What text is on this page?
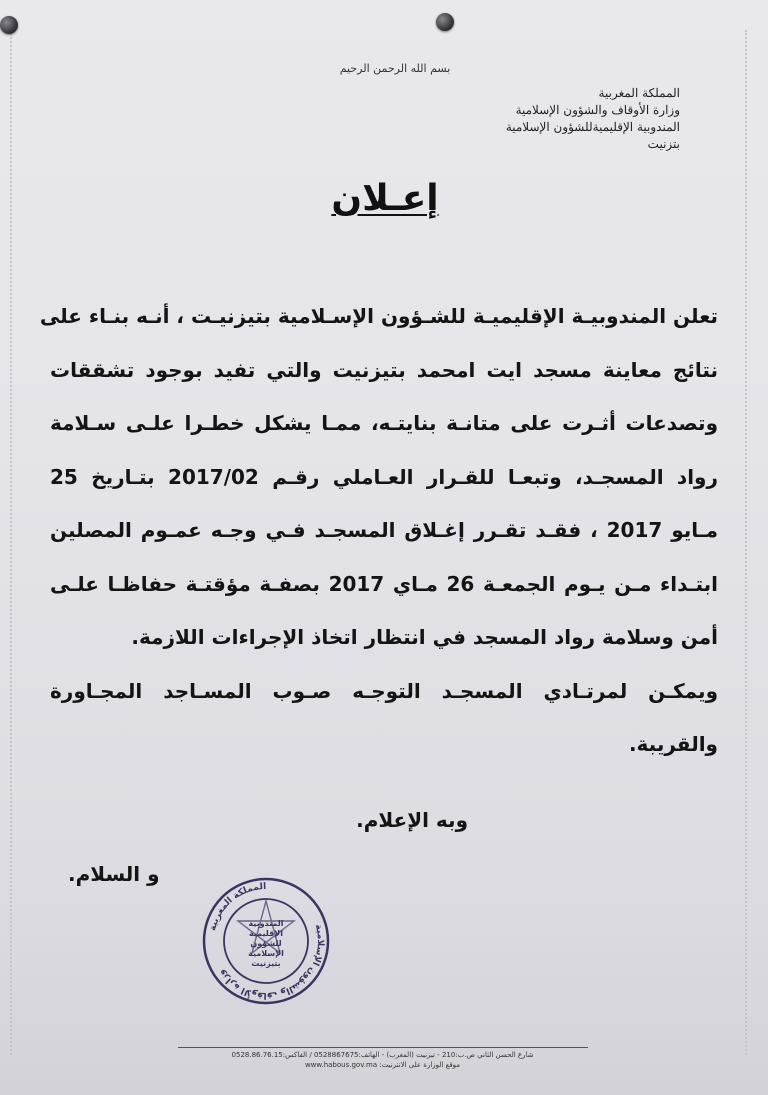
بسم الله الرحمن الرحيم
المملكة المغربية
وزارة الأوقاف والشؤون الإسلامية
المندوبية الإقليميةللشؤون الإسلامية
بتزنيت
إعـلان
تعلن المندوبيـة الإقليميـة للشـؤون الإسـلامية بتيزنيـت ، أنـه بنـاء على
نتائج معاينة مسجد ايت امحمد بتيزنيت والتي تفيد بوجود تشققات
وتصدعات أثـرت على متانـة بنايتـه، ممـا يشكل خطـرا علـى سـلامة
رواد المسجـد، وتبعـا للقـرار العـاملي رقـم 2017/02 بتـاريخ 25
مـايو 2017 ، فقـد تقـرر إغـلاق المسجـد فـي وجـه عمـوم المصلين
ابتـداء مـن يـوم الجمعـة 26 مـاي 2017 بصفـة مؤقتـة حفاظـا علـى
أمن وسلامة رواد المسجد في انتظار اتخاذ الإجراءات اللازمة.
ويمكـن لمرتـادي المسجـد التوجـه صـوب المسـاجد المجـاورة
والقريبة.
وبه الإعلام.
و السلام.
المملكة المغربية
وزارة الأوقاف والشؤون الإسلامية
المندوبية الإقليمية للشؤون الإسلامية بتيزنيت
شارع الحسن الثاني ص.ب:210 - تيزنيت (المغرب) - الهاتف:0528867675 / الفاكس:0528.86.76.15
موقع الوزارة على الانترنيت: www.habous.gov.ma
